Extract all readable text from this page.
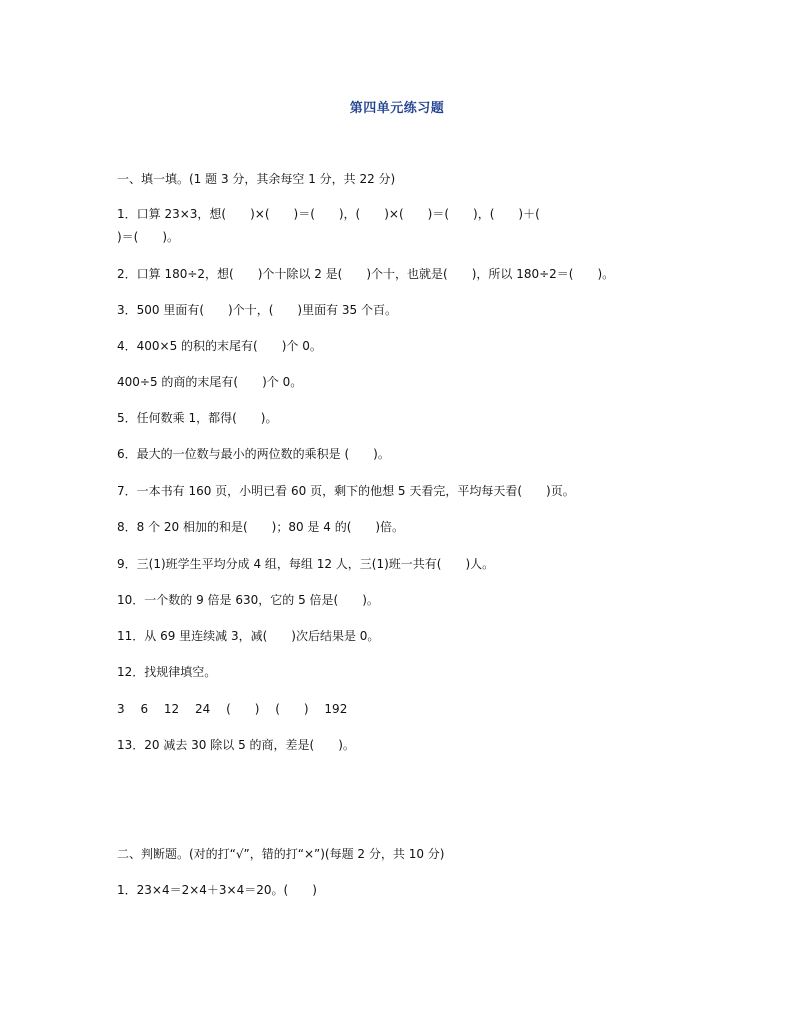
第四单元练习题
一、填一填。(1 题 3 分，其余每空 1 分，共 22 分)
1．口算 23×3，想(　　)×(　　)＝(　　)，(　　)×(　　)＝(　　)，(　　)＋(
)＝(　　)。
2．口算 180÷2，想(　　)个十除以 2 是(　　)个十，也就是(　　)，所以 180÷2＝(　　)。
3．500 里面有(　　)个十，(　　)里面有 35 个百。
4．400×5 的积的末尾有(　　)个 0。
400÷5 的商的末尾有(　　)个 0。
5．任何数乘 1，都得(　　)。
6．最大的一位数与最小的两位数的乘积是 (　　)。
7．一本书有 160 页，小明已看 60 页，剩下的他想 5 天看完，平均每天看(　　)页。
8．8 个 20 相加的和是(　　)；80 是 4 的(　　)倍。
9．三(1)班学生平均分成 4 组，每组 12 人，三(1)班一共有(　　)人。
10．一个数的 9 倍是 630，它的 5 倍是(　　)。
11．从 69 里连续减 3，减(　　)次后结果是 0。
12．找规律填空。
3　 6　 12　 24　 (　　)　 (　　)　 192
13．20 减去 30 除以 5 的商，差是(　　)。
二、判断题。(对的打“√”，错的打“×”)(每题 2 分，共 10 分)
1．23×4＝2×4＋3×4＝20。(　　)
